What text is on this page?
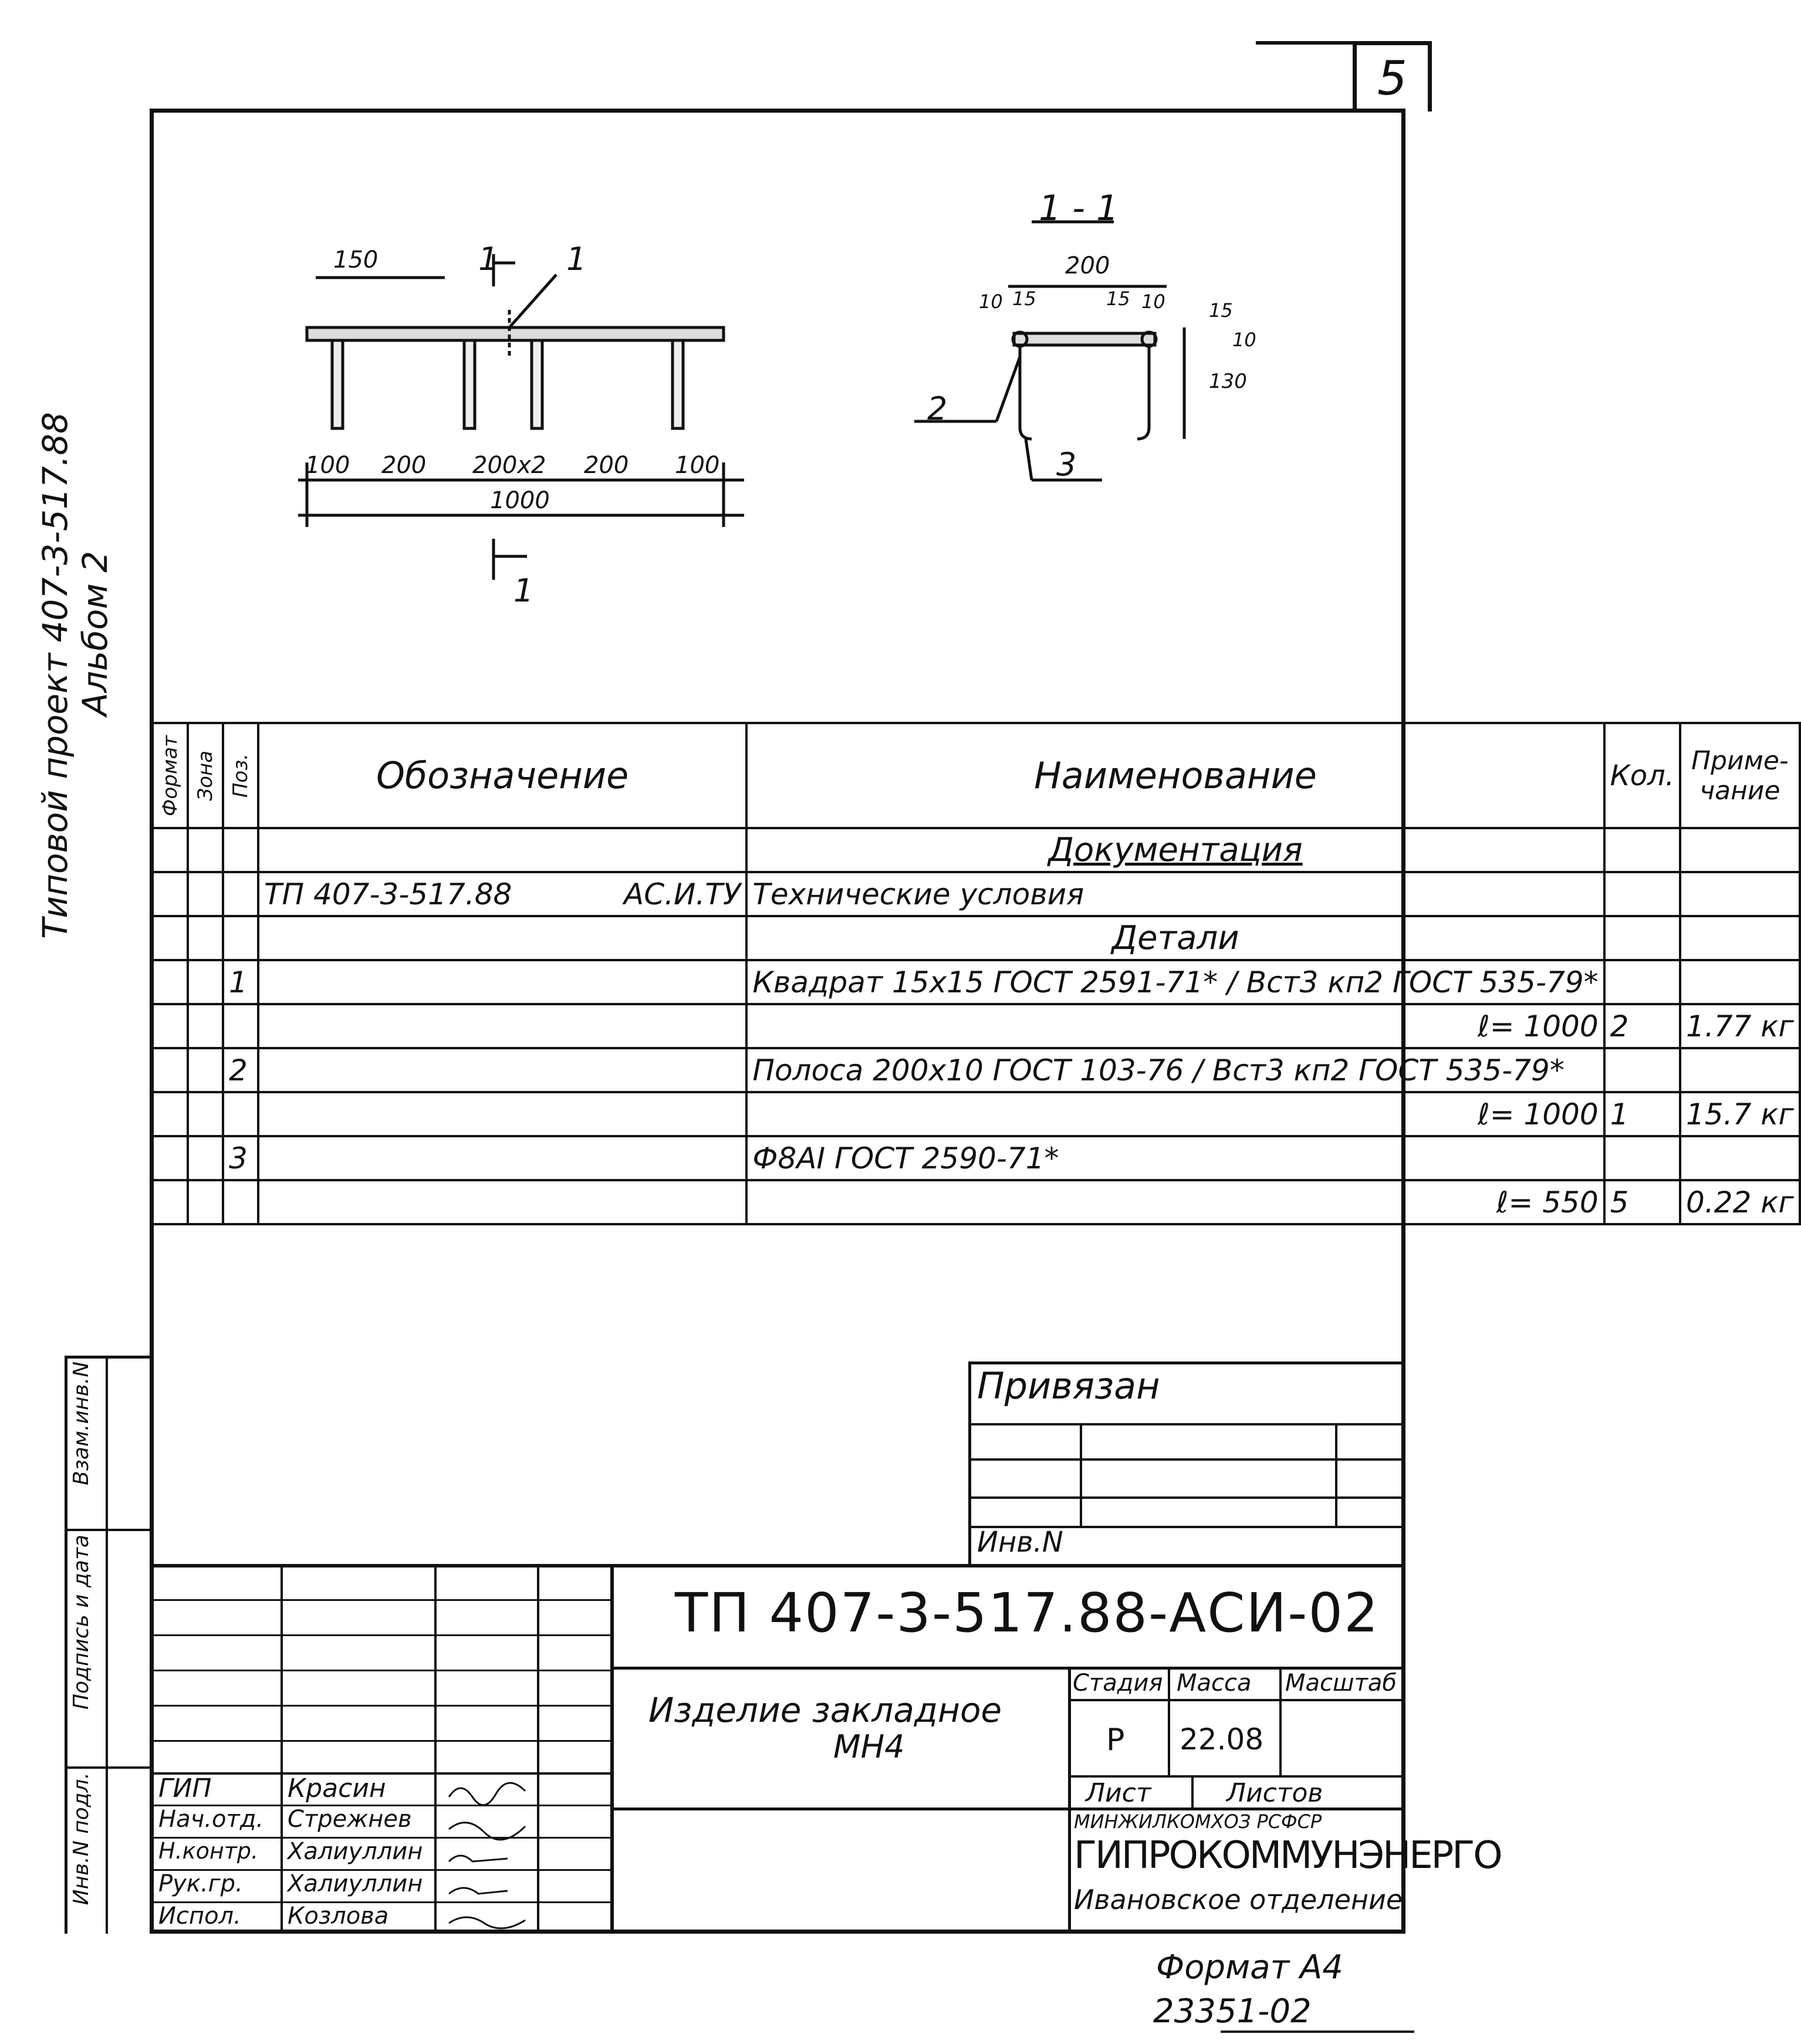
5
Типовой проект 407-3-517.88 Альбом 2
150	1 1
100 200 200x2 200 100
1000
1
1 - 1
200
10 15	15 10 15
10
130
2
3
Формат	Зона	Поз.	Обозначение	Наименование	Кол.	Приме-чание
				Документация		
			ТП 407-3-517.88            АС.И.ТУ	Технические условия		
				Детали		
		1		Квадрат 15х15 ГОСТ 2591-71* / Вст3 кп2 ГОСТ 535-79*		
				ℓ= 1000	2	1.77 кг
		2		Полоса 200х10 ГОСТ 103-76 / Вст3 кп2 ГОСТ 535-79*		
				ℓ= 1000	1	15.7 кг
		3		Ф8АI ГОСТ 2590-71*		
				ℓ= 550	5	0.22 кг
Привязан
Инв.N
Взам.инв.N
Подпись и дата
Инв.N подл.	ГИП	Красин
Нач.отд. Стрежнев
Н.контр. Халиуллин
Рук.гр. Халиуллин
Испол. Козлова
ТП 407-3-517.88-АСИ-02
Изделие закладное
МН4
Стадия Масса Масштаб
Р 22.08
Лист	Листов
МИНЖИЛКОМХОЗ РСФСР
ГИПРОКОММУНЭНЕРГО
Ивановское отделение
Формат А4
23351-02
